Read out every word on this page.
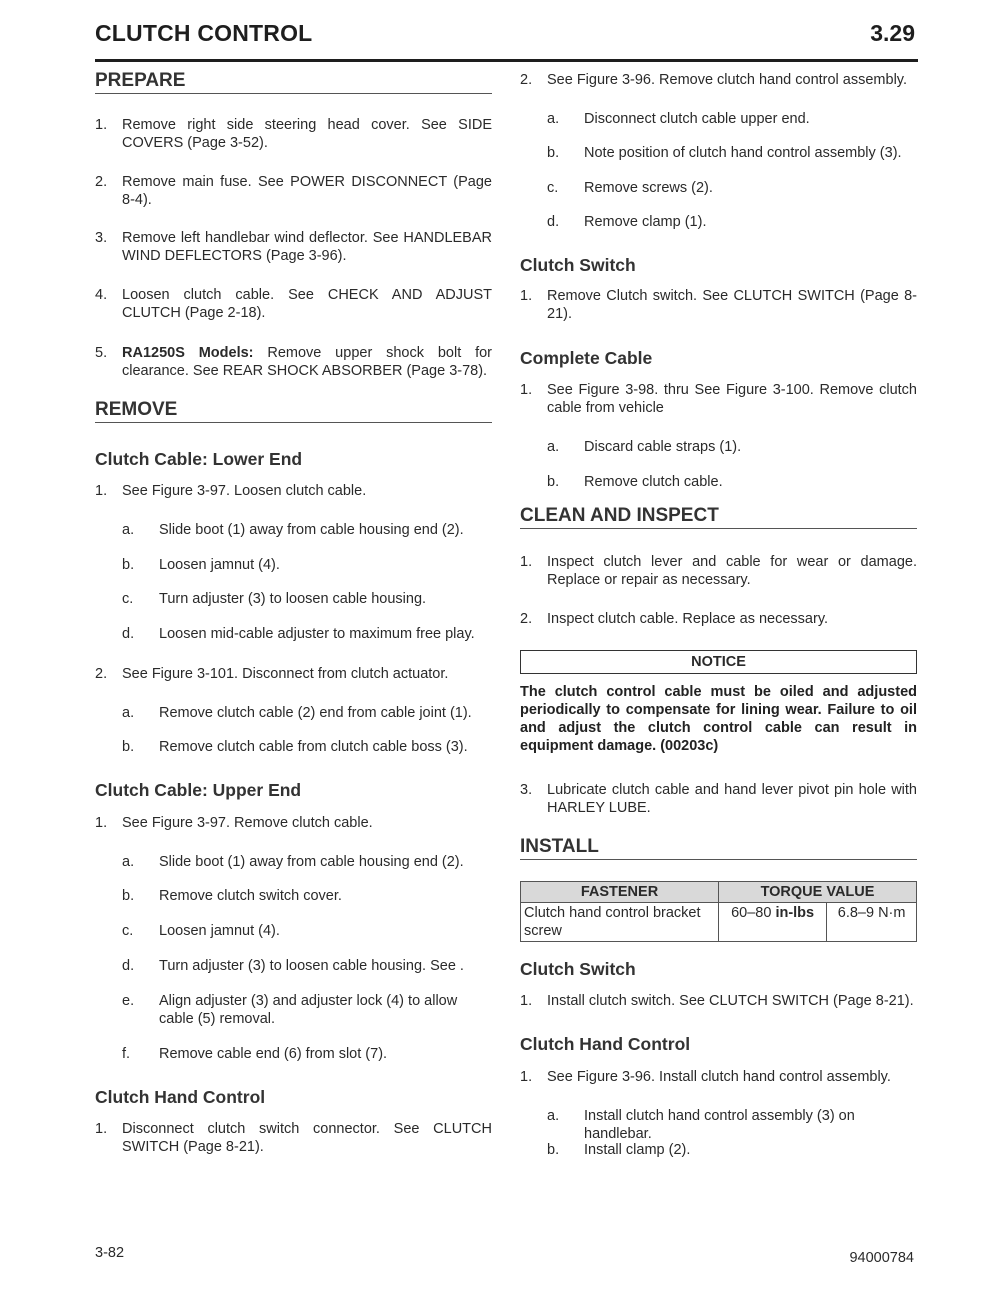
CLUTCH CONTROL	3.29
PREPARE
1. Remove right side steering head cover. See SIDE COVERS (Page 3-52).
2. Remove main fuse. See POWER DISCONNECT (Page 8-4).
3. Remove left handlebar wind deflector. See HANDLEBAR WIND DEFLECTORS (Page 3-96).
4. Loosen clutch cable. See CHECK AND ADJUST CLUTCH (Page 2-18).
5. RA1250S Models: Remove upper shock bolt for clearance. See REAR SHOCK ABSORBER (Page 3-78).
REMOVE
Clutch Cable: Lower End
1. See Figure 3-97. Loosen clutch cable.
a. Slide boot (1) away from cable housing end (2).
b. Loosen jamnut (4).
c. Turn adjuster (3) to loosen cable housing.
d. Loosen mid-cable adjuster to maximum free play.
2. See Figure 3-101. Disconnect from clutch actuator.
a. Remove clutch cable (2) end from cable joint (1).
b. Remove clutch cable from clutch cable boss (3).
Clutch Cable: Upper End
1. See Figure 3-97. Remove clutch cable.
a. Slide boot (1) away from cable housing end (2).
b. Remove clutch switch cover.
c. Loosen jamnut (4).
d. Turn adjuster (3) to loosen cable housing. See .
e. Align adjuster (3) and adjuster lock (4) to allow cable (5) removal.
f. Remove cable end (6) from slot (7).
Clutch Hand Control
1. Disconnect clutch switch connector. See CLUTCH SWITCH (Page 8-21).
2. See Figure 3-96. Remove clutch hand control assembly.
a. Disconnect clutch cable upper end.
b. Note position of clutch hand control assembly (3).
c. Remove screws (2).
d. Remove clamp (1).
Clutch Switch
1. Remove Clutch switch. See CLUTCH SWITCH (Page 8-21).
Complete Cable
1. See Figure 3-98. thru See Figure 3-100. Remove clutch cable from vehicle
a. Discard cable straps (1).
b. Remove clutch cable.
CLEAN AND INSPECT
1. Inspect clutch lever and cable for wear or damage. Replace or repair as necessary.
2. Inspect clutch cable. Replace as necessary.
NOTICE
The clutch control cable must be oiled and adjusted periodically to compensate for lining wear. Failure to oil and adjust the clutch control cable can result in equipment damage. (00203c)
3. Lubricate clutch cable and hand lever pivot pin hole with HARLEY LUBE.
INSTALL
FASTENER	TORQUE VALUE	
Clutch hand control bracket screw	60–80 in-lbs	6.8–9 N·m
Clutch Switch
1. Install clutch switch. See CLUTCH SWITCH (Page 8-21).
Clutch Hand Control
1. See Figure 3-96. Install clutch hand control assembly.
a. Install clutch hand control assembly (3) on handlebar.
b. Install clamp (2).
3-82	94000784
